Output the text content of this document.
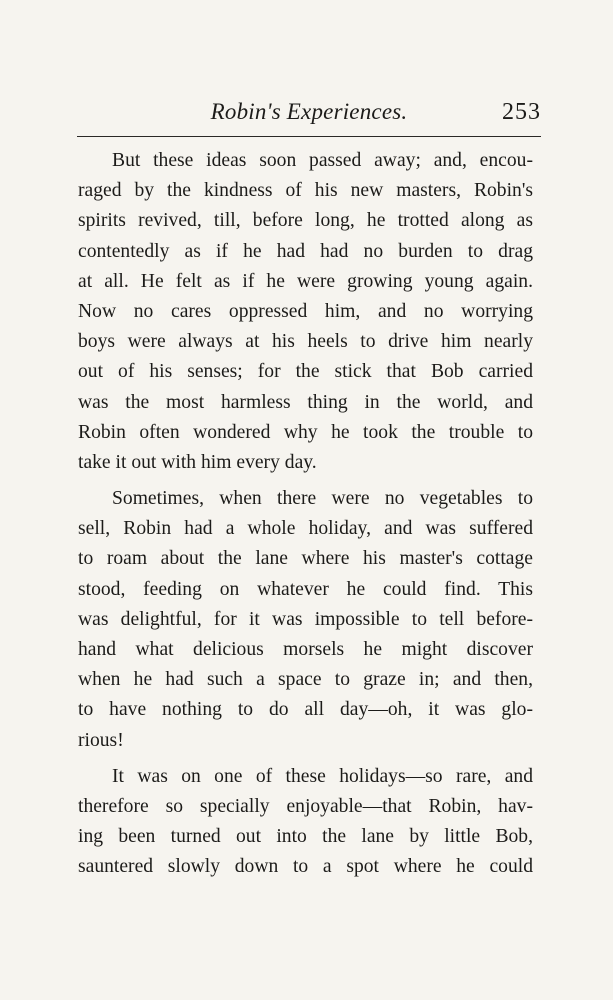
Robin's Experiences.	253
But these ideas soon passed away; and, encou-
raged by the kindness of his new masters, Robin's
spirits revived, till, before long, he trotted along as
contentedly as if he had had no burden to drag
at all. He felt as if he were growing young again.
Now no cares oppressed him, and no worrying
boys were always at his heels to drive him nearly
out of his senses; for the stick that Bob carried
was the most harmless thing in the world, and
Robin often wondered why he took the trouble to
take it out with him every day.
Sometimes, when there were no vegetables to
sell, Robin had a whole holiday, and was suffered
to roam about the lane where his master's cottage
stood, feeding on whatever he could find. This
was delightful, for it was impossible to tell before-
hand what delicious morsels he might discover
when he had such a space to graze in; and then,
to have nothing to do all day—oh, it was glo-
rious!
It was on one of these holidays—so rare, and
therefore so specially enjoyable—that Robin, hav-
ing been turned out into the lane by little Bob,
sauntered slowly down to a spot where he could
